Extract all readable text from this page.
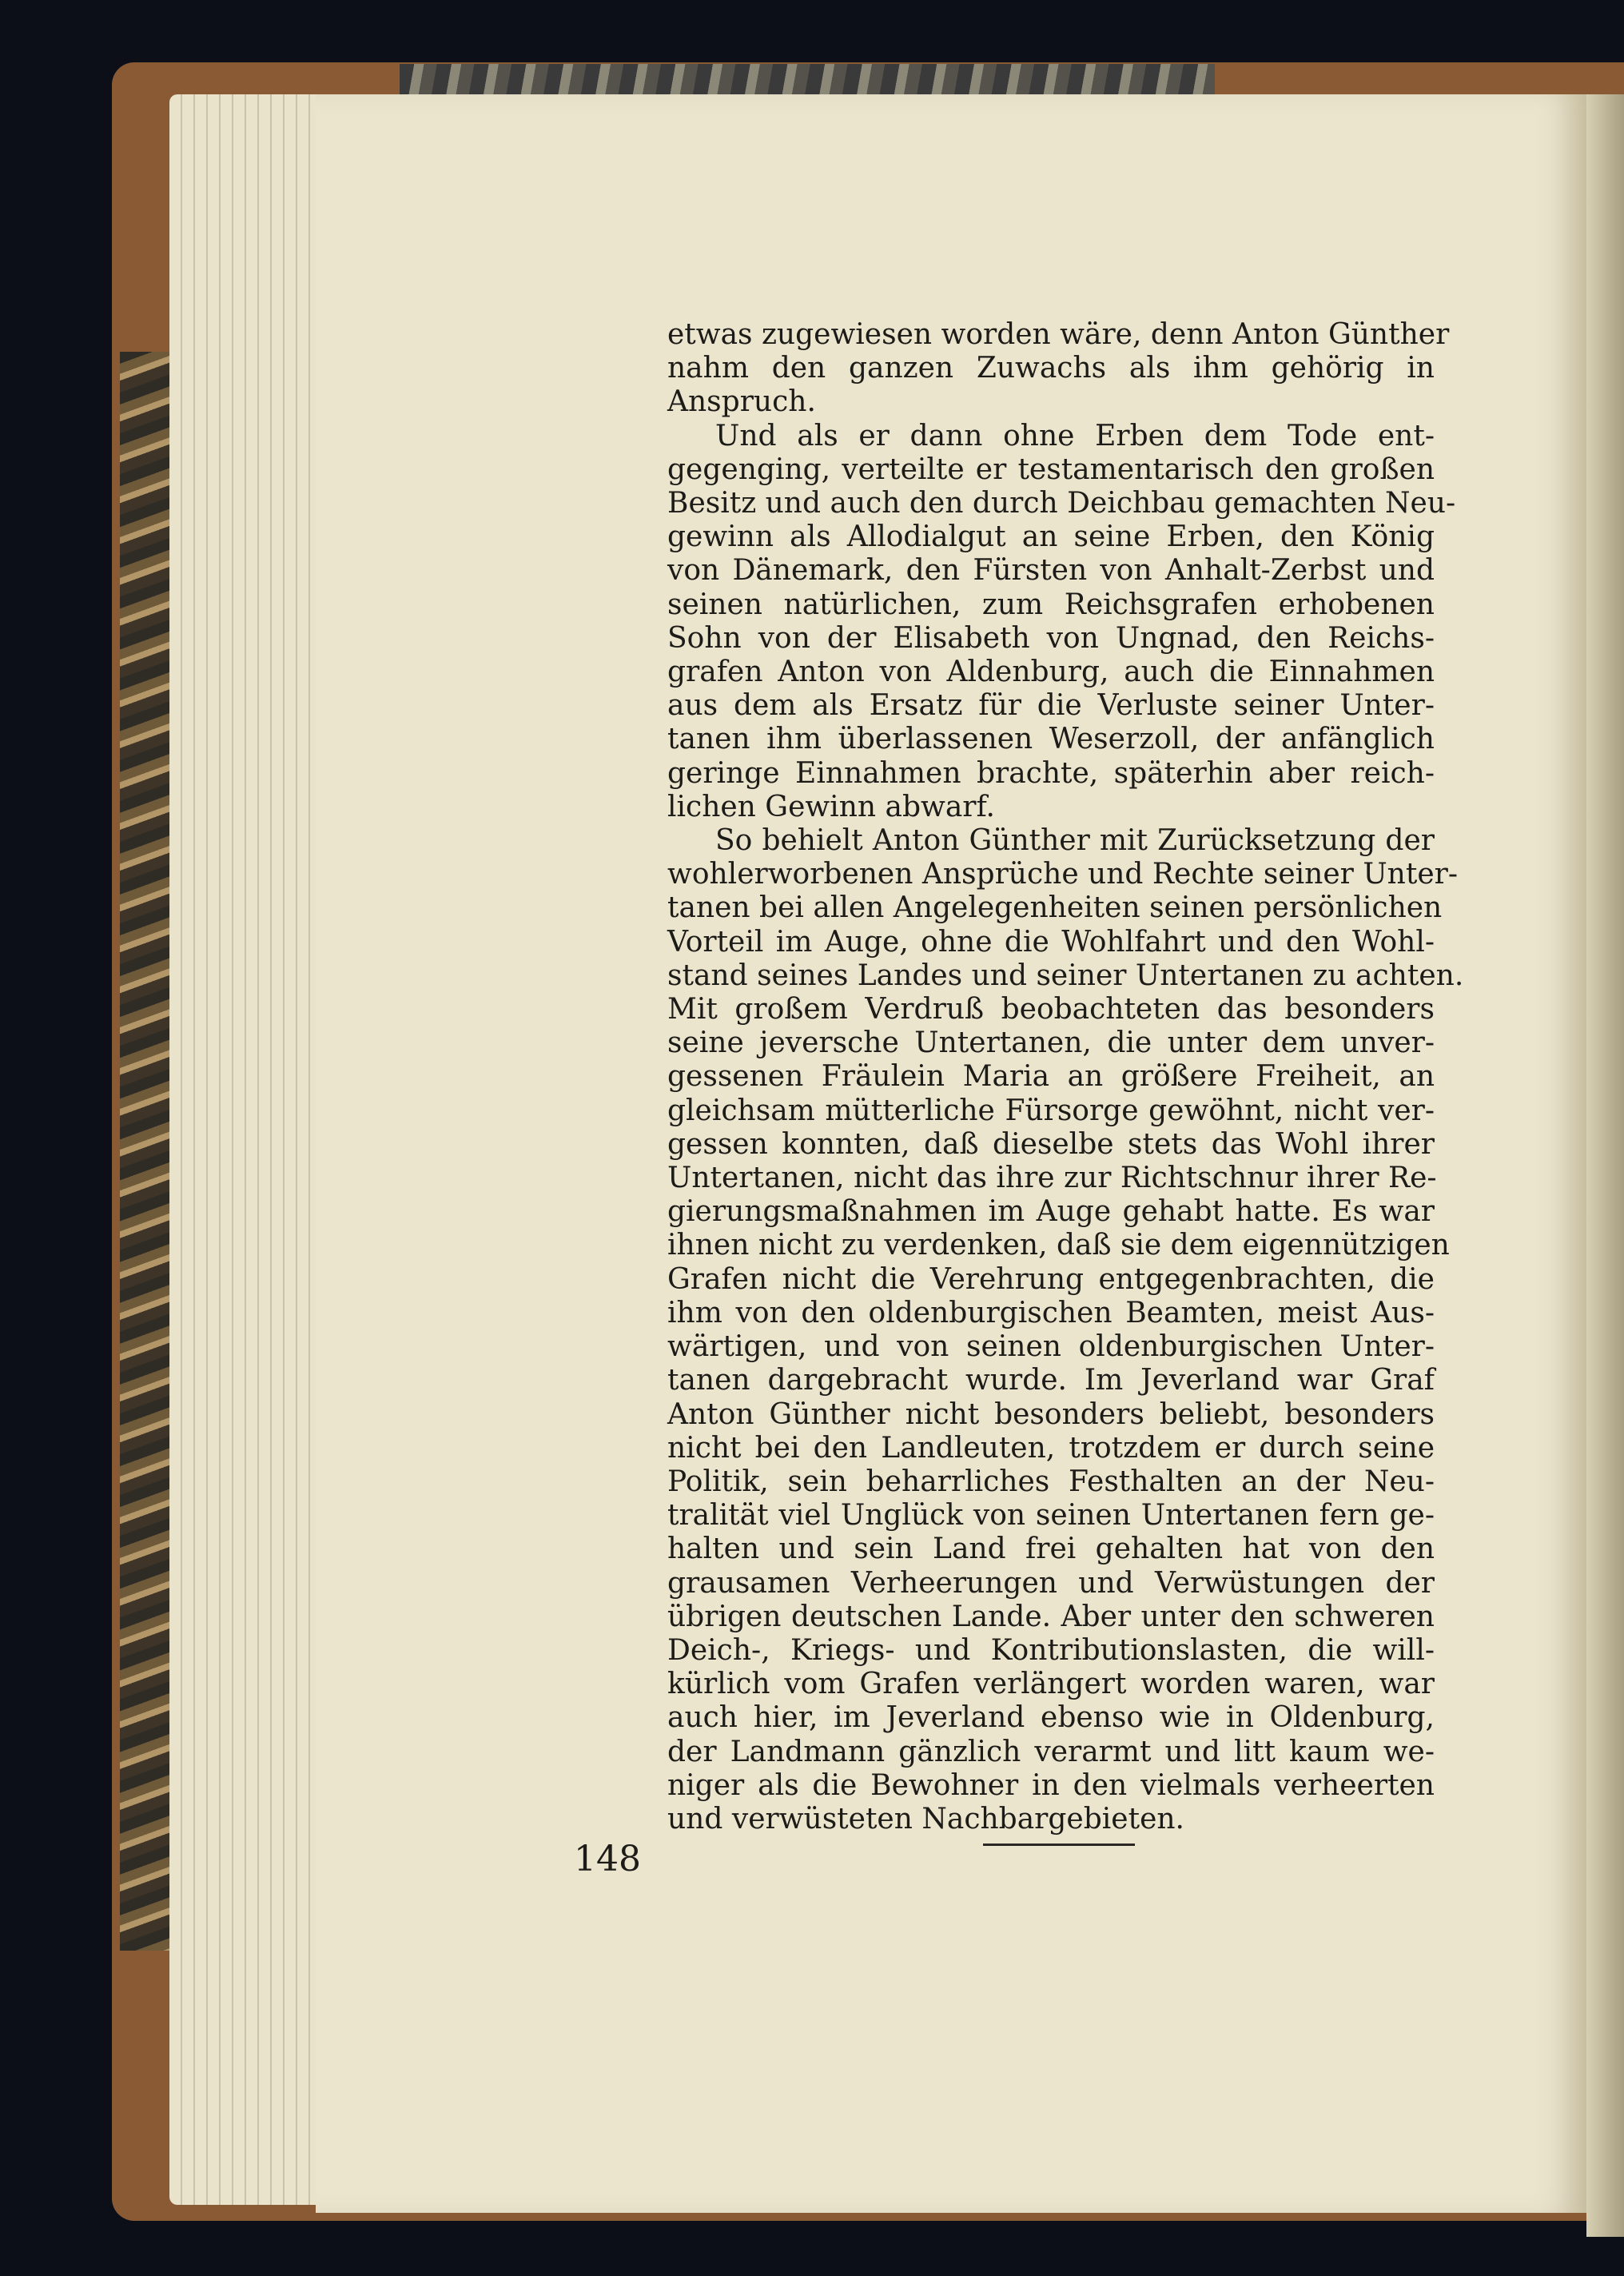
etwas zugewiesen worden wäre, denn Anton Günther
nahm den ganzen Zuwachs als ihm gehörig in
Anspruch.
Und als er dann ohne Erben dem Tode ent-
gegenging, verteilte er testamentarisch den großen
Besitz und auch den durch Deichbau gemachten Neu-
gewinn als Allodialgut an seine Erben, den König
von Dänemark, den Fürsten von Anhalt-Zerbst und
seinen natürlichen, zum Reichsgrafen erhobenen
Sohn von der Elisabeth von Ungnad, den Reichs-
grafen Anton von Aldenburg, auch die Einnahmen
aus dem als Ersatz für die Verluste seiner Unter-
tanen ihm überlassenen Weserzoll, der anfänglich
geringe Einnahmen brachte, späterhin aber reich-
lichen Gewinn abwarf.
So behielt Anton Günther mit Zurücksetzung der
wohlerworbenen Ansprüche und Rechte seiner Unter-
tanen bei allen Angelegenheiten seinen persönlichen
Vorteil im Auge, ohne die Wohlfahrt und den Wohl-
stand seines Landes und seiner Untertanen zu achten.
Mit großem Verdruß beobachteten das besonders
seine jeversche Untertanen, die unter dem unver-
gessenen Fräulein Maria an größere Freiheit, an
gleichsam mütterliche Fürsorge gewöhnt, nicht ver-
gessen konnten, daß dieselbe stets das Wohl ihrer
Untertanen, nicht das ihre zur Richtschnur ihrer Re-
gierungsmaßnahmen im Auge gehabt hatte. Es war
ihnen nicht zu verdenken, daß sie dem eigennützigen
Grafen nicht die Verehrung entgegenbrachten, die
ihm von den oldenburgischen Beamten, meist Aus-
wärtigen, und von seinen oldenburgischen Unter-
tanen dargebracht wurde. Im Jeverland war Graf
Anton Günther nicht besonders beliebt, besonders
nicht bei den Landleuten, trotzdem er durch seine
Politik, sein beharrliches Festhalten an der Neu-
tralität viel Unglück von seinen Untertanen fern ge-
halten und sein Land frei gehalten hat von den
grausamen Verheerungen und Verwüstungen der
übrigen deutschen Lande. Aber unter den schweren
Deich-, Kriegs- und Kontributionslasten, die will-
kürlich vom Grafen verlängert worden waren, war
auch hier, im Jeverland ebenso wie in Oldenburg,
der Landmann gänzlich verarmt und litt kaum we-
niger als die Bewohner in den vielmals verheerten
und verwüsteten Nachbargebieten.
148
